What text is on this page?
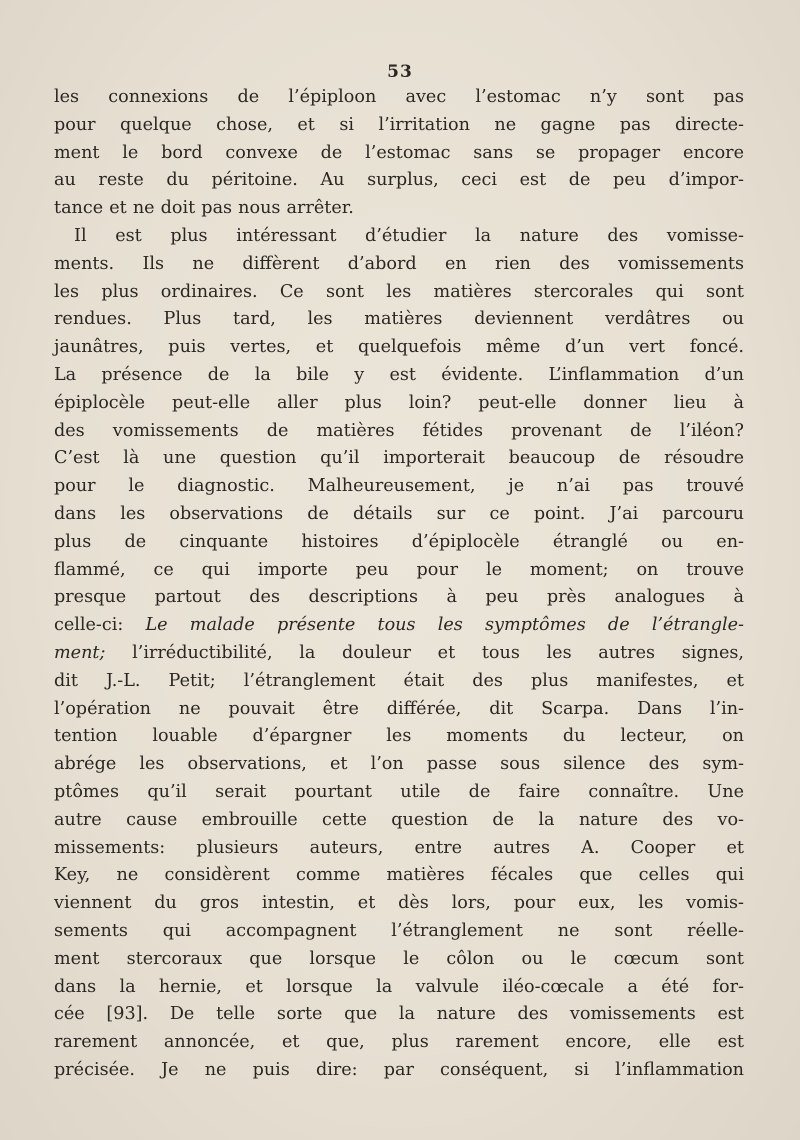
53
les connexions de l’épiploon avec l’estomac n’y sont pas
pour quelque chose, et si l’irritation ne gagne pas directe-
ment le bord convexe de l’estomac sans se propager encore
au reste du péritoine. Au surplus, ceci est de peu d’impor-
tance et ne doit pas nous arrêter.
Il est plus intéressant d’étudier la nature des vomisse-
ments. Ils ne diffèrent d’abord en rien des vomissements
les plus ordinaires. Ce sont les matières stercorales qui sont
rendues. Plus tard, les matières deviennent verdâtres ou
jaunâtres, puis vertes, et quelquefois même d’un vert foncé.
La présence de la bile y est évidente. L’inflammation d’un
épiplocèle peut-elle aller plus loin? peut-elle donner lieu à
des vomissements de matières fétides provenant de l’iléon?
C’est là une question qu’il importerait beaucoup de résoudre
pour le diagnostic. Malheureusement, je n’ai pas trouvé
dans les observations de détails sur ce point. J’ai parcouru
plus de cinquante histoires d’épiplocèle étranglé ou en-
flammé, ce qui importe peu pour le moment; on trouve
presque partout des descriptions à peu près analogues à
celle-ci: Le malade présente tous les symptômes de l’étrangle-
ment; l’irréductibilité, la douleur et tous les autres signes,
dit J.-L. Petit; l’étranglement était des plus manifestes, et
l’opération ne pouvait être différée, dit Scarpa. Dans l’in-
tention louable d’épargner les moments du lecteur, on
abrége les observations, et l’on passe sous silence des sym-
ptômes qu’il serait pourtant utile de faire connaître. Une
autre cause embrouille cette question de la nature des vo-
missements: plusieurs auteurs, entre autres A. Cooper et
Key, ne considèrent comme matières fécales que celles qui
viennent du gros intestin, et dès lors, pour eux, les vomis-
sements qui accompagnent l’étranglement ne sont réelle-
ment stercoraux que lorsque le côlon ou le cœcum sont
dans la hernie, et lorsque la valvule iléo-cœcale a été for-
cée [93]. De telle sorte que la nature des vomissements est
rarement annoncée, et que, plus rarement encore, elle est
précisée. Je ne puis dire: par conséquent, si l’inflammation
